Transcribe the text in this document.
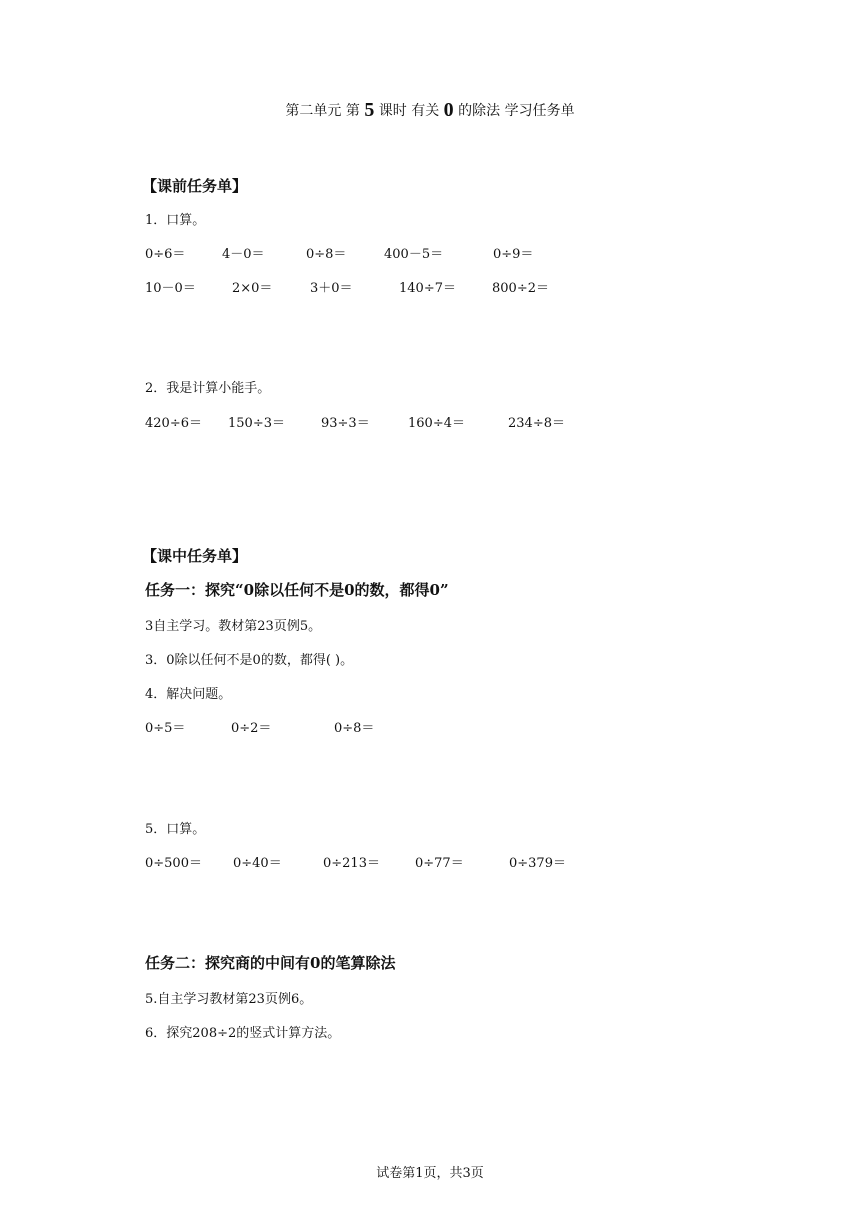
第二单元 第 5 课时 有关 0 的除法 学习任务单
【课前任务单】
1．口算。
0÷6＝	4－0＝	0÷8＝	400－5＝	0÷9＝
10－0＝	2×0＝	3＋0＝	140÷7＝	800÷2＝
2．我是计算小能手。
420÷6＝ 150÷3＝	93÷3＝	160÷4＝	234÷8＝
【课中任务单】
任务一：探究“0除以任何不是0的数，都得0”
3自主学习。教材第23页例5。
3．0除以任何不是0的数，都得( )。
4．解决问题。
0÷5＝	0÷2＝	0÷8＝
5．口算。
0÷500＝ 0÷40＝	0÷213＝	0÷77＝	0÷379＝
任务二：探究商的中间有0的笔算除法
5.自主学习教材第23页例6。
6．探究208÷2的竖式计算方法。
试卷第1页，共3页
